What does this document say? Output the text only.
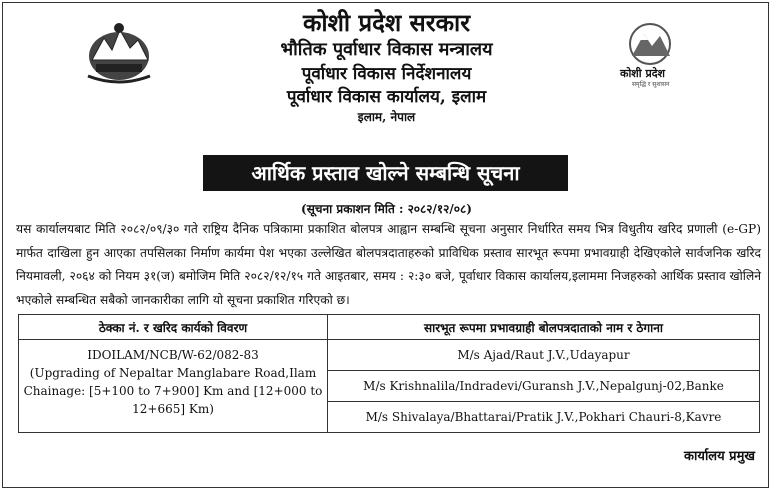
कोशी प्रदेश
समृद्धि र सुशासन
कोशी प्रदेश सरकार
भौतिक पूर्वाधार विकास मन्त्रालय
पूर्वाधार विकास निर्देशनालय
पूर्वाधार विकास कार्यालय, इलाम
इलाम, नेपाल
आर्थिक प्रस्ताव खोल्ने सम्बन्धि सूचना
(सूचना प्रकाशन मिति : २०८२/१२/०८)
यस कार्यालयबाट मिति २०८२/०९/३० गते राष्ट्रिय दैनिक पत्रिकामा प्रकाशित बोलपत्र आह्वान सम्बन्धि सूचना अनुसार निर्धारित समय भित्र विधुतीय खरिद प्रणाली (e-GP) मार्फत दाखिला हुन आएका तपसिलका निर्माण कार्यमा पेश भएका उल्लेखित बोलपत्रदाताहरुको प्राविधिक प्रस्ताव सारभूत रूपमा प्रभावग्राही देखिएकोले सार्वजनिक खरिद नियमावली, २०६४ को नियम ३१(ज) बमोजिम मिति २०८२/१२/१५ गते आइतबार, समय : २:३० बजे, पूर्वाधार विकास कार्यालय,इलाममा निजहरुको आर्थिक प्रस्ताव खोलिने भएकोले सम्बन्धित सबैको जानकारीका लागि यो सूचना प्रकाशित गरिएको छ।
ठेक्का नं. र खरिद कार्यको विवरण	सारभूत रूपमा प्रभावग्राही बोलपत्रदाताको नाम र ठेगाना

IDOILAM/NCB/W-62/082-83
(Upgrading of Nepaltar Manglabare Road,Ilam Chainage: [5+100 to 7+900] Km and [12+000 to 12+665] Km)	M/s Ajad/Raut J.V.,Udayapur
	M/s Krishnalila/Indradevi/Guransh J.V.,Nepalgunj-02,Banke
	M/s Shivalaya/Bhattarai/Pratik J.V.,Pokhari Chauri-8,Kavre
कार्यालय प्रमुख
